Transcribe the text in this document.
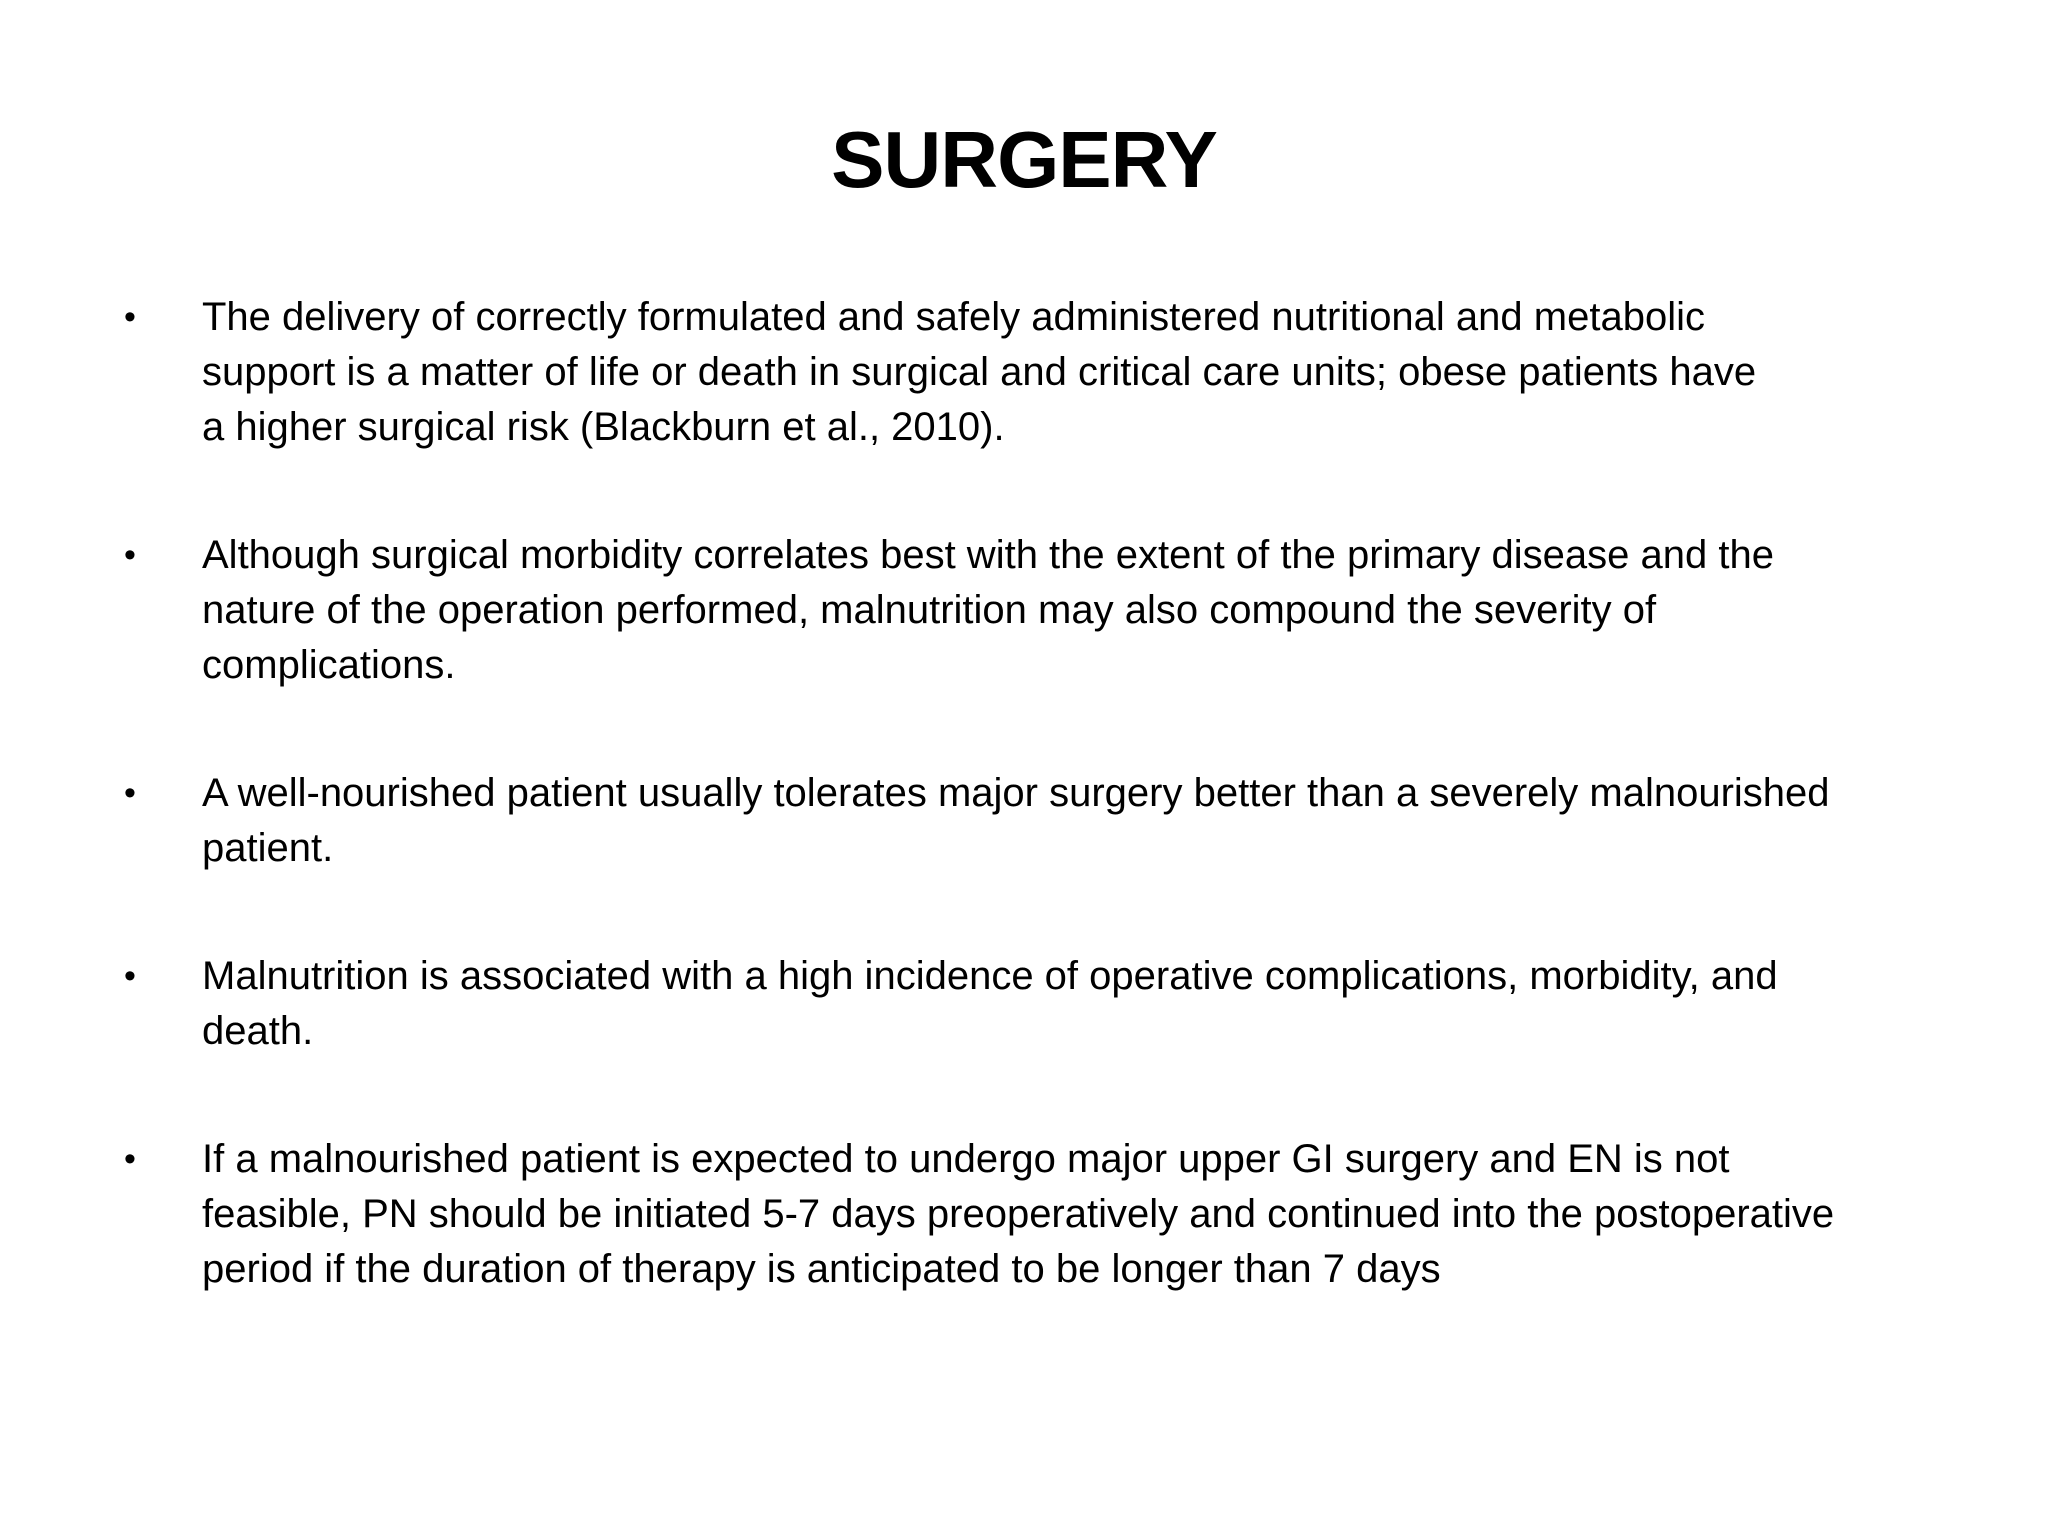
SURGERY
•	The delivery of correctly formulated and safely administered nutritional and metabolic
support is a matter of life or death in surgical and critical care units; obese patients have
a higher surgical risk (Blackburn et al., 2010).
•	Although surgical morbidity correlates best with the extent of the primary disease and the
nature of the operation performed, malnutrition may also compound the severity of
complications.
•	A well-nourished patient usually tolerates major surgery better than a severely malnourished
patient.
•	Malnutrition is associated with a high incidence of operative complications, morbidity, and
death.
•	If a malnourished patient is expected to undergo major upper GI surgery and EN is not
feasible, PN should be initiated 5-7 days preoperatively and continued into the postoperative
period if the duration of therapy is anticipated to be longer than 7 days
